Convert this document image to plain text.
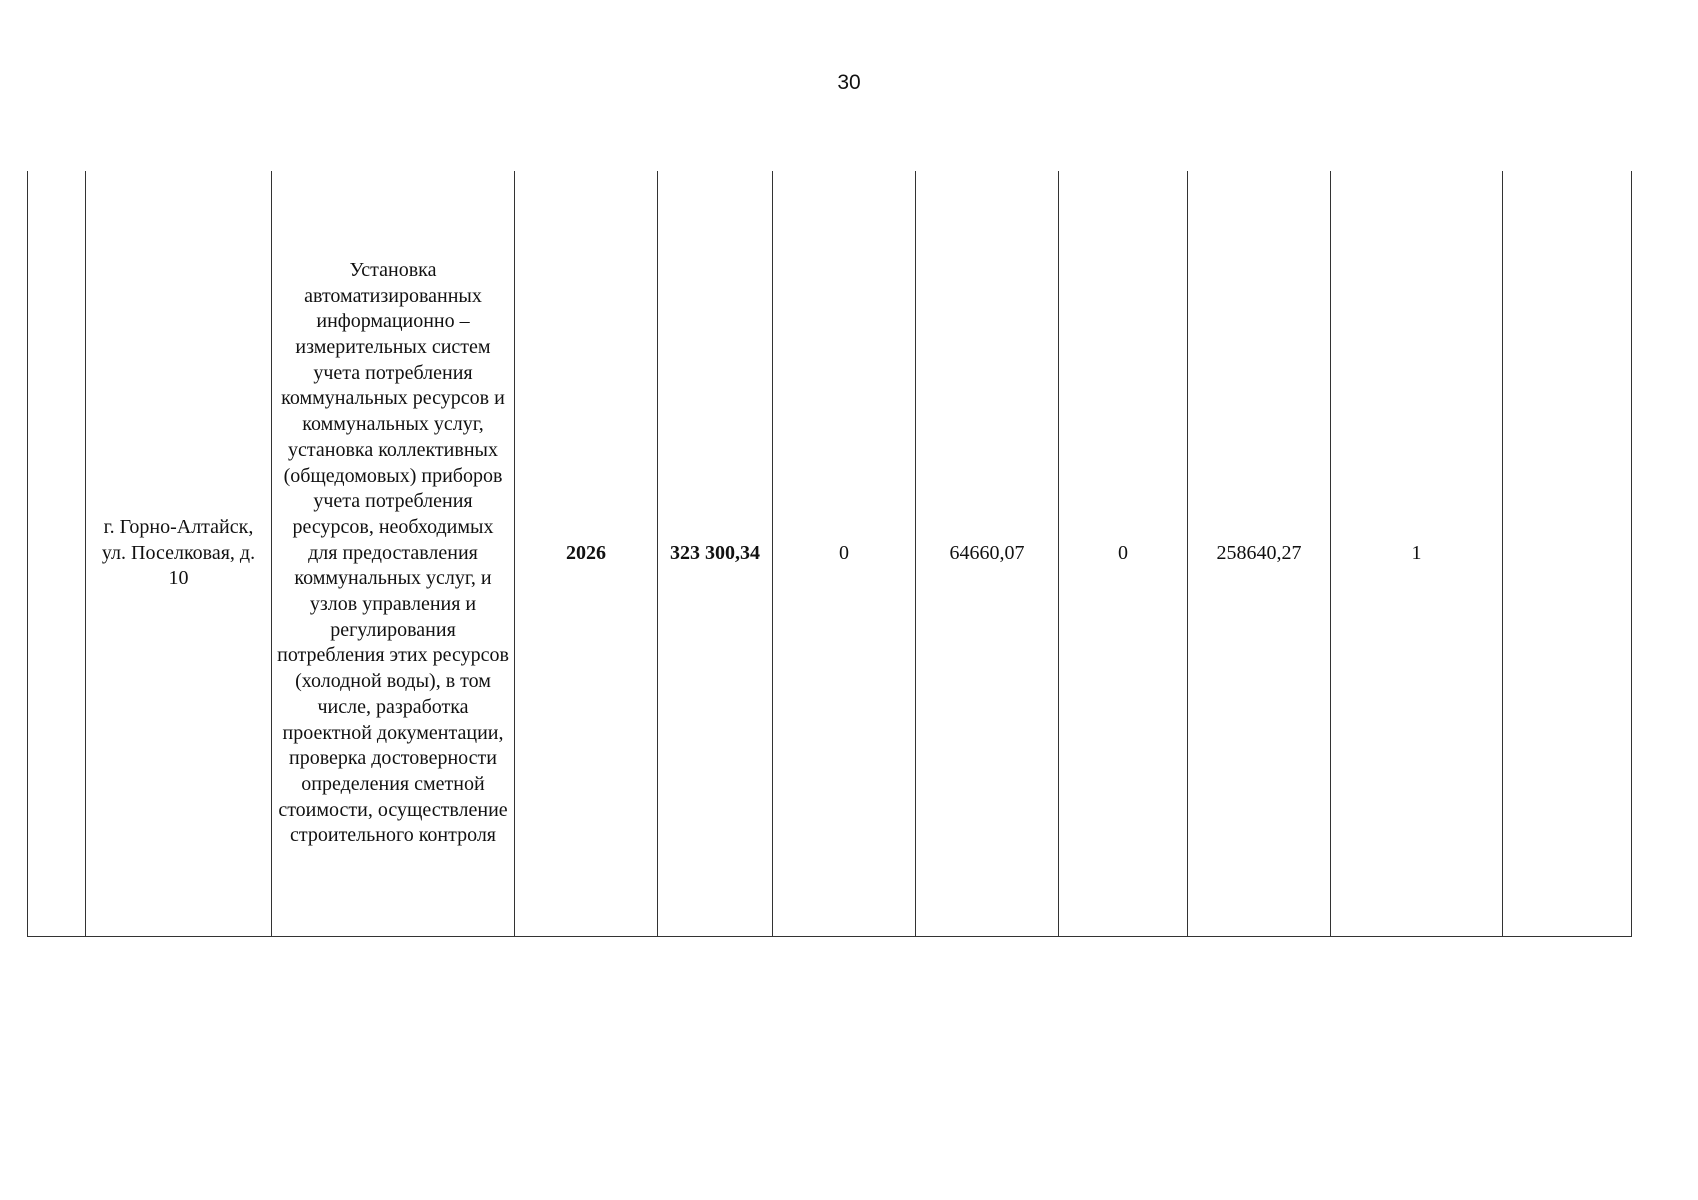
30
	г. Горно-Алтайск, ул. Поселковая, д. 10	Установка автоматизированных информационно – измерительных систем учета потребления коммунальных ресурсов и коммунальных услуг, установка коллективных (общедомовых) приборов учета потребления ресурсов, необходимых для предоставления коммунальных услуг, и узлов управления и регулирования потребления этих ресурсов (холодной воды), в том числе, разработка проектной документации, проверка достоверности определения сметной стоимости, осуществление строительного контроля	2026	323 300,34	0	64660,07	0	258640,27	1	
